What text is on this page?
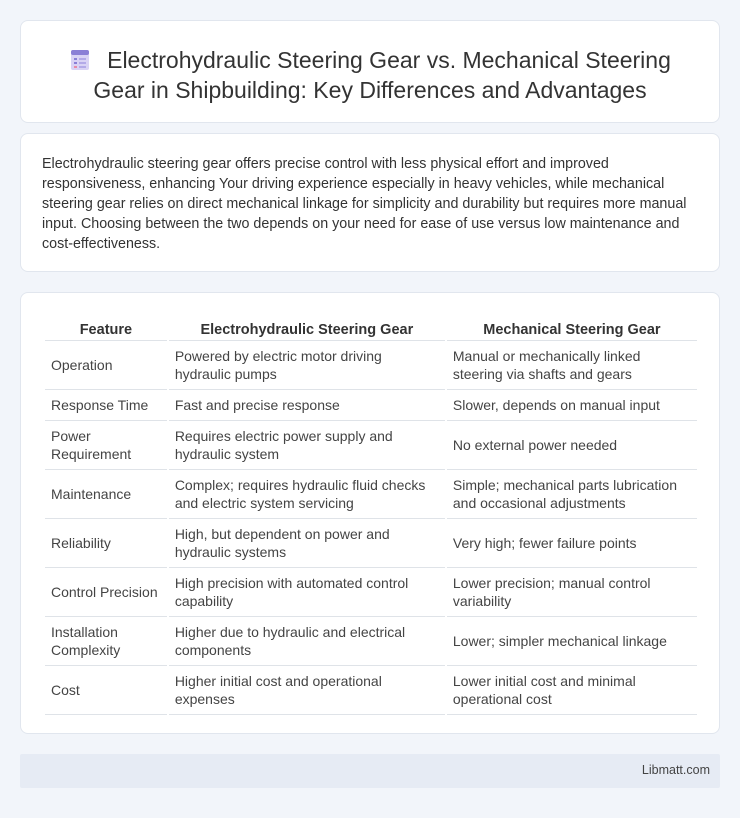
Electrohydraulic Steering Gear vs. Mechanical Steering Gear in Shipbuilding: Key Differences and Advantages

Electrohydraulic steering gear offers precise control with less physical effort and improved responsiveness, enhancing Your driving experience especially in heavy vehicles, while mechanical steering gear relies on direct mechanical linkage for simplicity and durability but requires more manual input. Choosing between the two depends on your need for ease of use versus low maintenance and cost-effectiveness.

Feature	Electrohydraulic Steering Gear	Mechanical Steering Gear
Operation	Powered by electric motor driving hydraulic pumps	Manual or mechanically linked steering via shafts and gears
Response Time	Fast and precise response	Slower, depends on manual input
Power Requirement	Requires electric power supply and hydraulic system	No external power needed
Maintenance	Complex; requires hydraulic fluid checks and electric system servicing	Simple; mechanical parts lubrication and occasional adjustments
Reliability	High, but dependent on power and hydraulic systems	Very high; fewer failure points
Control Precision	High precision with automated control capability	Lower precision; manual control variability
Installation Complexity	Higher due to hydraulic and electrical components	Lower; simpler mechanical linkage
Cost	Higher initial cost and operational expenses	Lower initial cost and minimal operational cost
Libmatt.com
